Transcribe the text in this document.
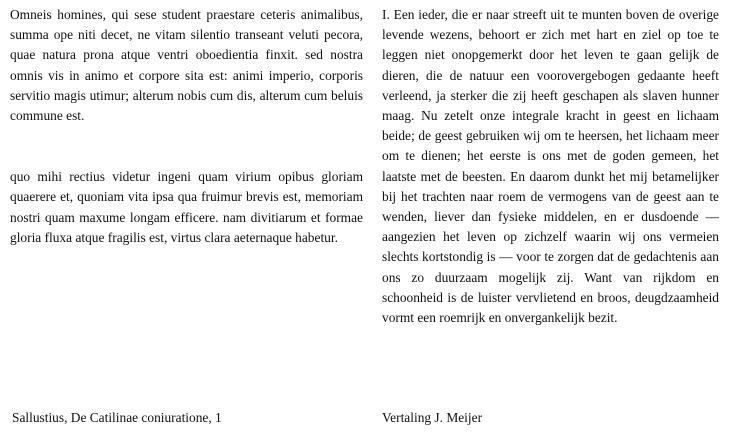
Omneis homines, qui sese student praestare ceteris animalibus, summa ope niti decet, ne vitam silentio transeant veluti pecora, quae natura prona atque ventri oboedientia finxit. sed nostra omnis vis in animo et corpore sita est: animi imperio, corporis servitio magis utimur; alterum nobis cum dis, alterum cum beluis commune est.

quo mihi rectius videtur ingeni quam virium opibus gloriam quaerere et, quoniam vita ipsa qua fruimur brevis est, memoriam nostri quam maxume longam efficere. nam divitiarum et formae gloria fluxa atque fragilis est, virtus clara aeternaque habetur.

I. Een ieder, die er naar streeft uit te munten boven de overige levende wezens, behoort er zich met hart en ziel op toe te leggen niet onopgemerkt door het leven te gaan gelijk de dieren, die de natuur een voorovergebogen gedaante heeft verleend, ja sterker die zij heeft geschapen als slaven hunner maag. Nu zetelt onze integrale kracht in geest en lichaam beide; de geest gebruiken wij om te heersen, het lichaam meer om te dienen; het eerste is ons met de goden gemeen, het laatste met de beesten. En daarom dunkt het mij betamelijker bij het trachten naar roem de vermogens van de geest aan te wenden, liever dan fysieke middelen, en er dusdoende — aangezien het leven op zichzelf waarin wij ons vermeien slechts kortstondig is — voor te zorgen dat de gedachtenis aan ons zo duurzaam mogelijk zij. Want van rijkdom en schoonheid is de luister vervlietend en broos, deugdzaamheid vormt een roemrijk en onvergankelijk bezit.

Sallustius, De Catilinae coniuratione, 1	Vertaling J. Meijer
